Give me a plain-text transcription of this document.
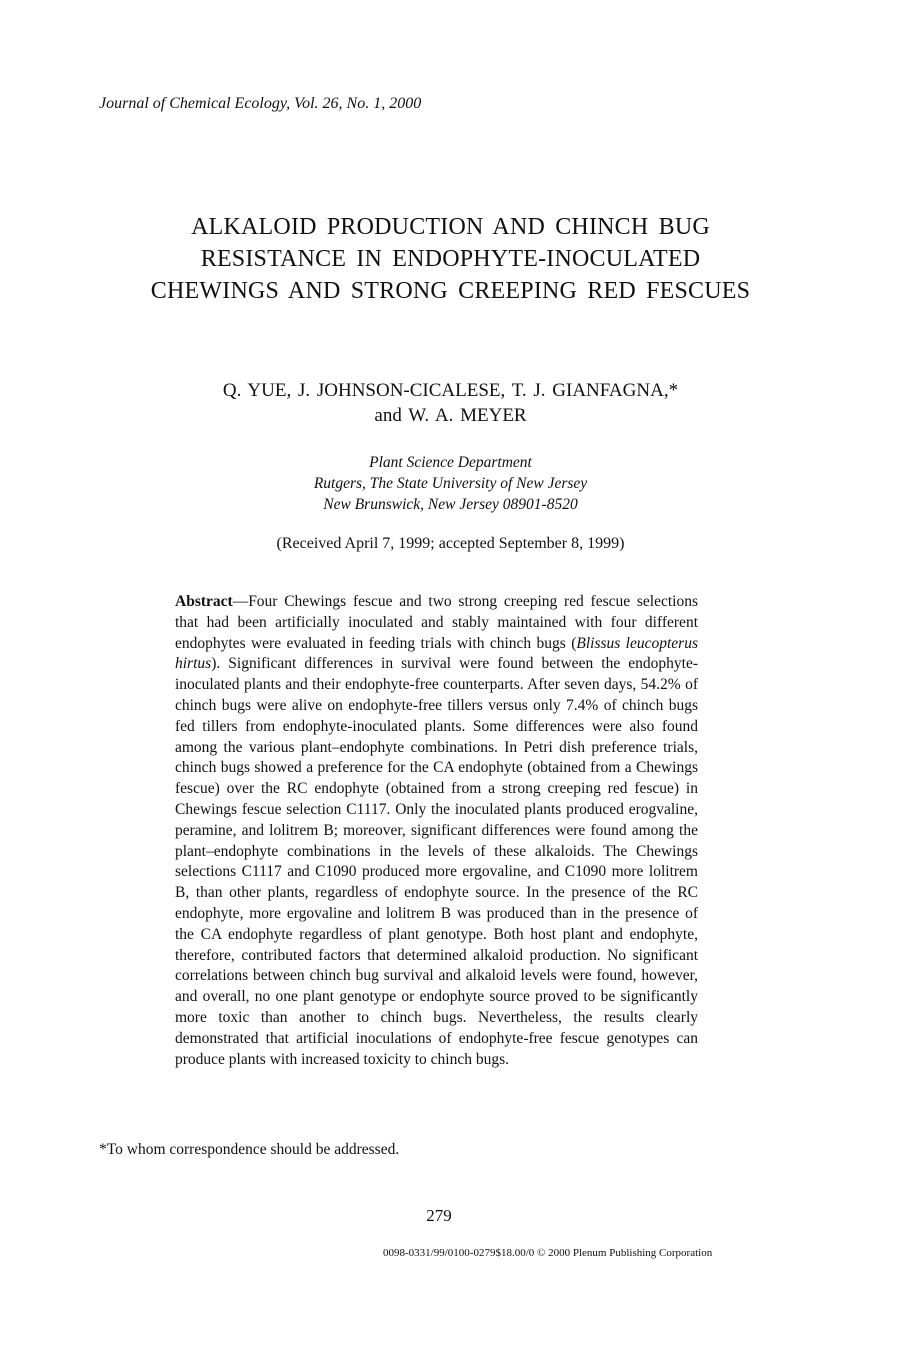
Journal of Chemical Ecology, Vol. 26, No. 1, 2000

ALKALOID PRODUCTION AND CHINCH BUG
RESISTANCE IN ENDOPHYTE-INOCULATED
CHEWINGS AND STRONG CREEPING RED FESCUES

Q. YUE, J. JOHNSON-CICALESE, T. J. GIANFAGNA,*
and W. A. MEYER

Plant Science Department
Rutgers, The State University of New Jersey
New Brunswick, New Jersey 08901-8520

(Received April 7, 1999; accepted September 8, 1999)

Abstract—Four Chewings fescue and two strong creeping red fescue selections that had been artificially inoculated and stably maintained with four different endophytes were evaluated in feeding trials with chinch bugs (Blissus leucopterus hirtus). Significant differences in survival were found between the endophyte-inoculated plants and their endophyte-free counterparts. After seven days, 54.2% of chinch bugs were alive on endophyte-free tillers versus only 7.4% of chinch bugs fed tillers from endophyte-inoculated plants. Some differences were also found among the various plant–endophyte combinations. In Petri dish preference trials, chinch bugs showed a preference for the CA endophyte (obtained from a Chewings fescue) over the RC endophyte (obtained from a strong creeping red fescue) in Chewings fescue selection C1117. Only the inoculated plants produced erogvaline, peramine, and lolitrem B; moreover, significant differences were found among the plant–endophyte combinations in the levels of these alkaloids. The Chewings selections C1117 and C1090 produced more ergovaline, and C1090 more lolitrem B, than other plants, regardless of endophyte source. In the presence of the RC endophyte, more ergovaline and lolitrem B was produced than in the presence of the CA endophyte regardless of plant genotype. Both host plant and endophyte, therefore, contributed factors that determined alkaloid production. No significant correlations between chinch bug survival and alkaloid levels were found, however, and overall, no one plant genotype or endophyte source proved to be significantly more toxic than another to chinch bugs. Nevertheless, the results clearly demonstrated that artificial inoculations of endophyte-free fescue genotypes can produce plants with increased toxicity to chinch bugs.

*To whom correspondence should be addressed.

279

0098-0331/99/0100-0279$18.00/0 © 2000 Plenum Publishing Corporation
